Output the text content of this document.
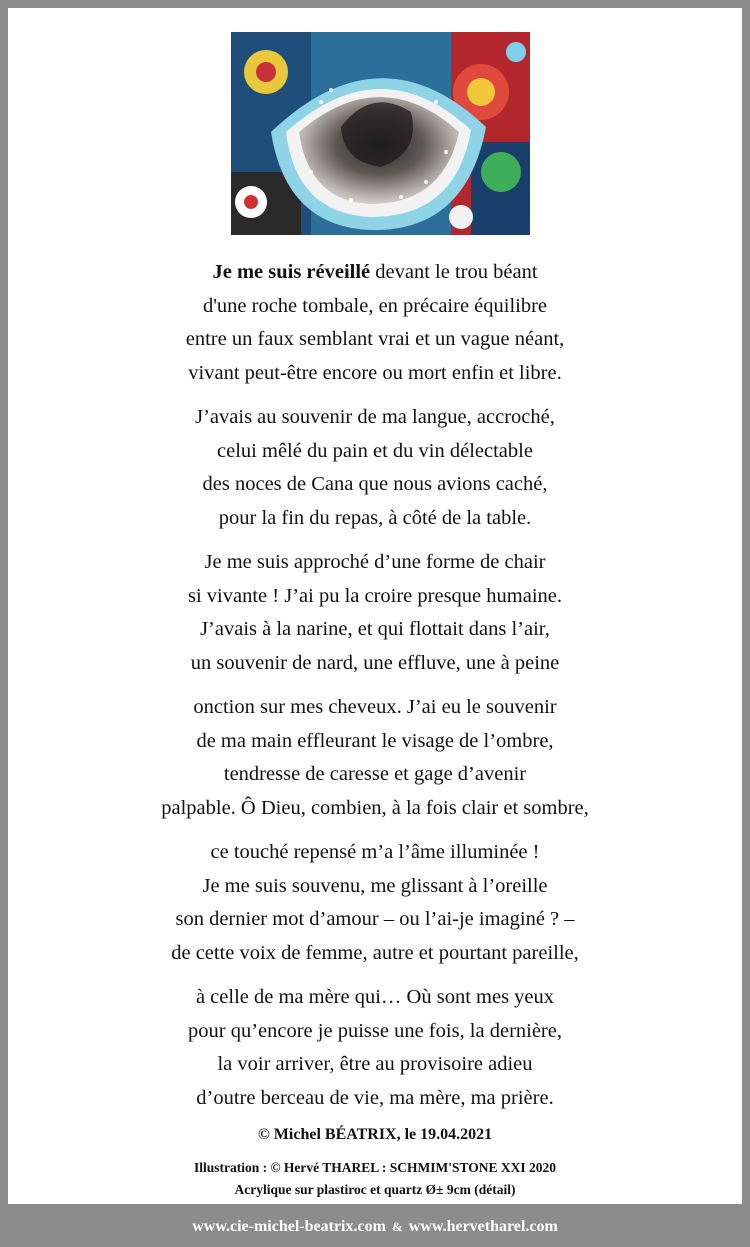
Je me suis réveillé devant le trou béant
d'une roche tombale, en précaire équilibre
entre un faux semblant vrai et un vague néant,
vivant peut-être encore ou mort enfin et libre.
J’avais au souvenir de ma langue, accroché,
celui mêlé du pain et du vin délectable
des noces de Cana que nous avions caché,
pour la fin du repas, à côté de la table.
Je me suis approché d’une forme de chair
si vivante ! J’ai pu la croire presque humaine.
J’avais à la narine, et qui flottait dans l’air,
un souvenir de nard, une effluve, une à peine
onction sur mes cheveux. J’ai eu le souvenir
de ma main effleurant le visage de l’ombre,
tendresse de caresse et gage d’avenir
palpable. Ô Dieu, combien, à la fois clair et sombre,
ce touché repensé m’a l’âme illuminée !
Je me suis souvenu, me glissant à l’oreille
son dernier mot d’amour – ou l’ai-je imaginé ? –
de cette voix de femme, autre et pourtant pareille,
à celle de ma mère qui… Où sont mes yeux
pour qu’encore je puisse une fois, la dernière,
la voir arriver, être au provisoire adieu
d’outre berceau de vie, ma mère, ma prière.
© Michel BÉATRIX, le 19.04.2021
Illustration : © Hervé THAREL : SCHMIM'STONE XXI 2020
Acrylique sur plastiroc et quartz Ø± 9cm (détail)
www.cie-michel-beatrix.com & www.hervetharel.com
